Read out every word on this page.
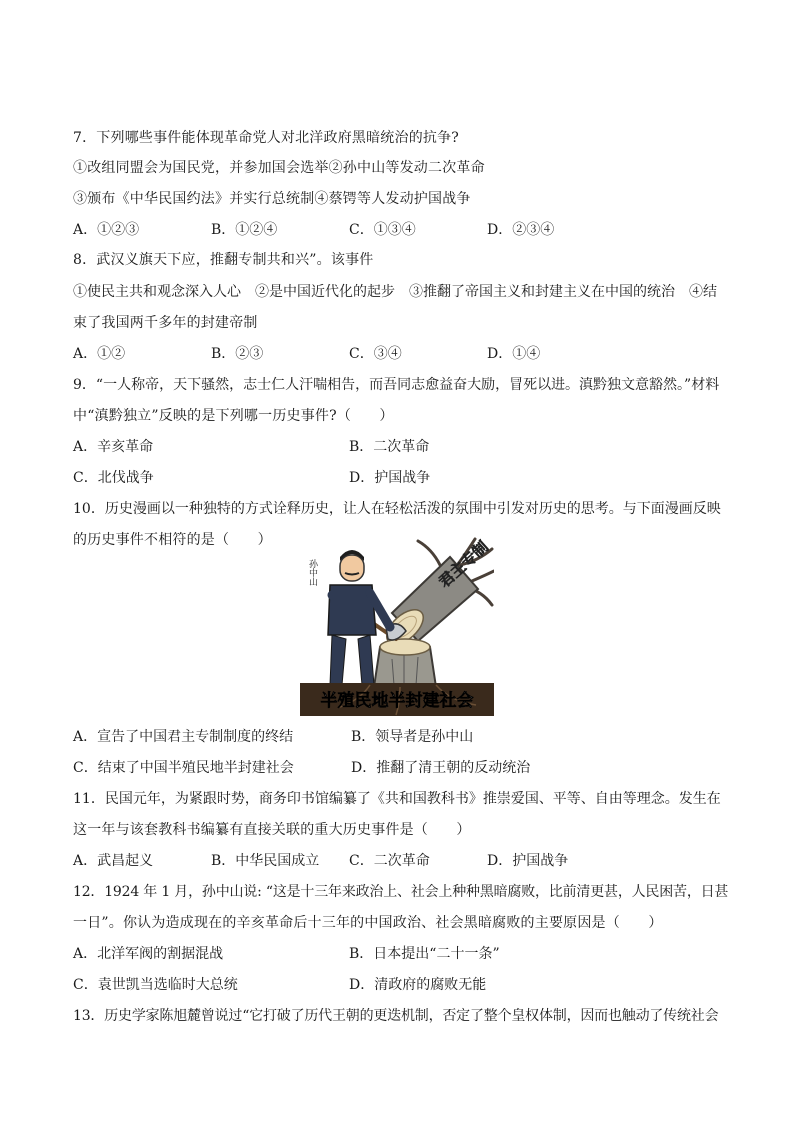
7．下列哪些事件能体现革命党人对北洋政府黑暗统治的抗争?
①改组同盟会为国民党，并参加国会选举②孙中山等发动二次革命
③颁布《中华民国约法》并实行总统制④蔡锷等人发动护国战争
A．①②③	B．①②④	C．①③④	D．②③④
8．武汉义旗天下应，推翻专制共和兴”。该事件
①使民主共和观念深入人心　②是中国近代化的起步　③推翻了帝国主义和封建主义在中国的统治　④结
束了我国两千多年的封建帝制
A．①②	B．②③	C．③④	D．①④
9．“一人称帝，天下骚然，志士仁人汗喘相告，而吾同志愈益奋大励，冒死以进。滇黔独文意豁然。”材料
中“滇黔独立”反映的是下列哪一历史事件?（　　）
A．辛亥革命	B．二次革命
C．北伐战争	D．护国战争
10．历史漫画以一种独特的方式诠释历史，让人在轻松活泼的氛围中引发对历史的思考。与下面漫画反映
的历史事件不相符的是（　　）	君主专制
孙中山
半殖民地半封建社会
A．宣告了中国君主专制制度的终结	B．领导者是孙中山
C．结束了中国半殖民地半封建社会	D．推翻了清王朝的反动统治
11．民国元年，为紧跟时势，商务印书馆编纂了《共和国教科书》推崇爱国、平等、自由等理念。发生在
这一年与该套教科书编纂有直接关联的重大历史事件是（　　）
A．武昌起义	B．中华民国成立 C．二次革命	D．护国战争
12．1924 年 1 月，孙中山说: “这是十三年来政治上、社会上种种黑暗腐败，比前清更甚，人民困苦，日甚
一日”。你认为造成现在的辛亥革命后十三年的中国政治、社会黑暗腐败的主要原因是（　　）
A．北洋军阀的割据混战	B．日本提出“二十一条”
C．袁世凯当选临时大总统	D．清政府的腐败无能
13．历史学家陈旭麓曾说过“它打破了历代王朝的更迭机制，否定了整个皇权体制，因而也触动了传统社会
